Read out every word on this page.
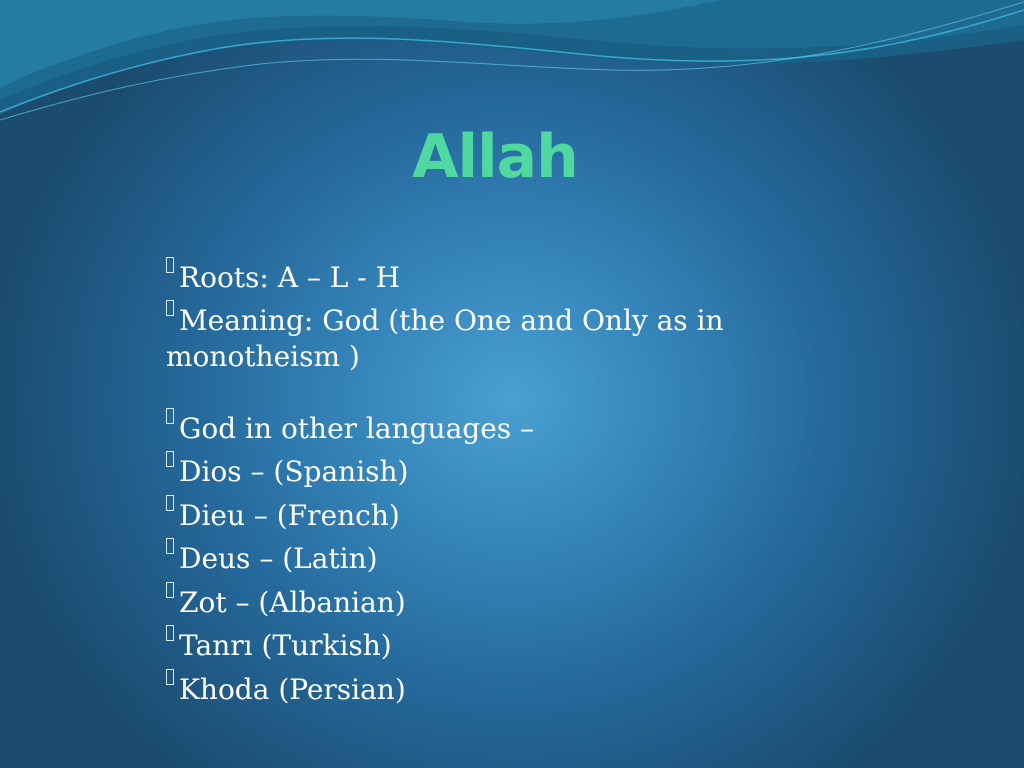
Allah
Roots: A – L - H
Meaning: God (the One and Only as in monotheism )
God in other languages –
Dios – (Spanish)
Dieu – (French)
Deus – (Latin)
Zot – (Albanian)
Tanrı (Turkish)
Khoda (Persian)
